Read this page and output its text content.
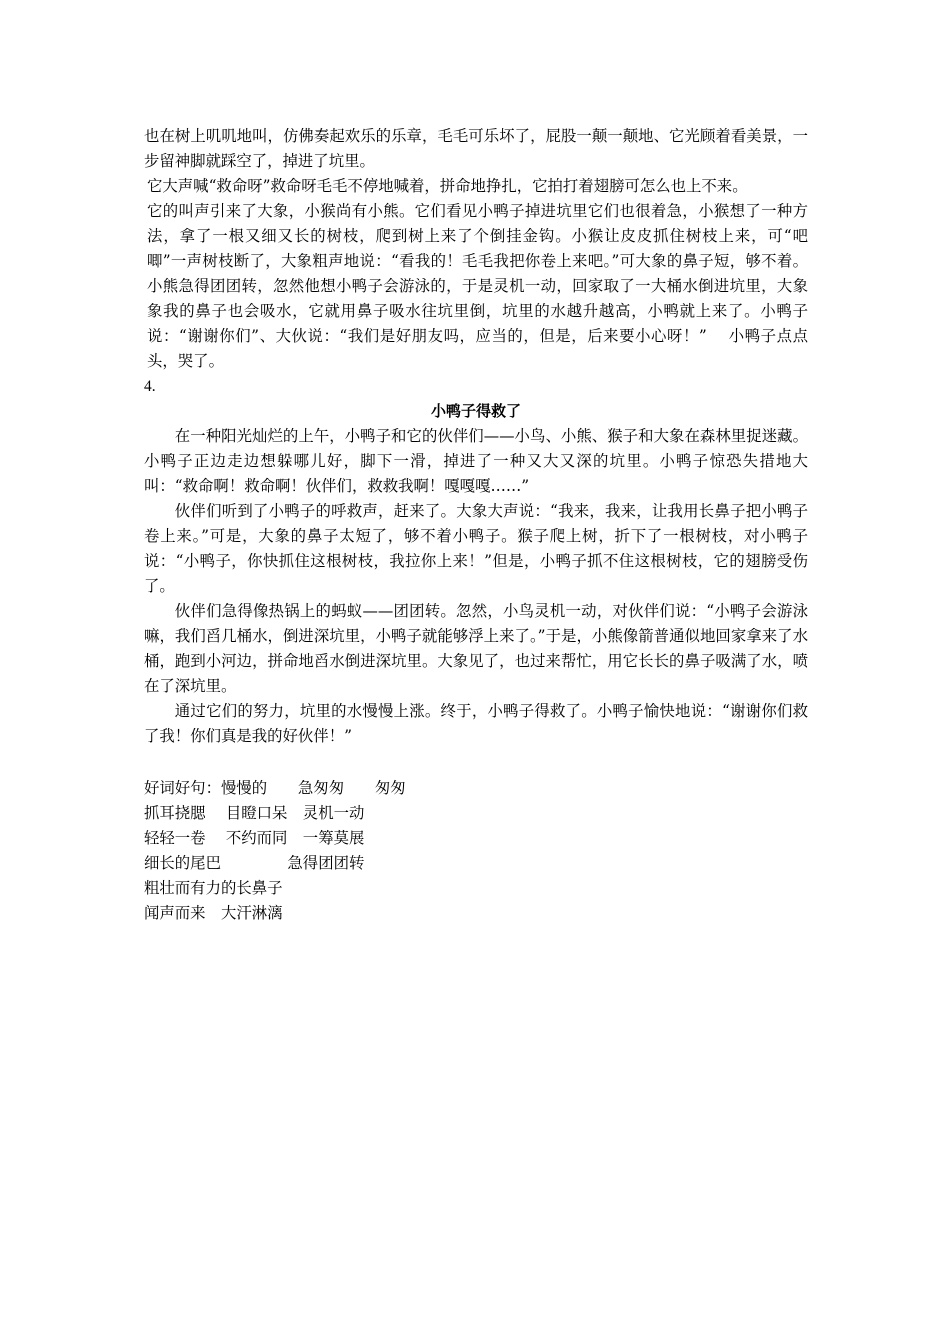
也在树上叽叽地叫，仿佛奏起欢乐的乐章，毛毛可乐坏了，屁股一颠一颠地、它光顾着看美景，一步留神脚就踩空了，掉进了坑里。

它大声喊“救命呀”救命呀毛毛不停地喊着，拼命地挣扎，它拍打着翅膀可怎么也上不来。

它的叫声引来了大象，小猴尚有小熊。它们看见小鸭子掉进坑里它们也很着急，小猴想了一种方法，拿了一根又细又长的树枝，爬到树上来了个倒挂金钩。小猴让皮皮抓住树枝上来，可“吧唧”一声树枝断了，大象粗声地说：“看我的！毛毛我把你卷上来吧。”可大象的鼻子短，够不着。小熊急得团团转，忽然他想小鸭子会游泳的，于是灵机一动，回家取了一大桶水倒进坑里，大象象我的鼻子也会吸水，它就用鼻子吸水往坑里倒，坑里的水越升越高，小鸭就上来了。小鸭子说：“谢谢你们”、大伙说：“我们是好朋友吗，应当的，但是，后来要小心呀！”　 小鸭子点点头，哭了。

4.

小鸭子得救了

在一种阳光灿烂的上午，小鸭子和它的伙伴们——小鸟、小熊、猴子和大象在森林里捉迷藏。小鸭子正边走边想躲哪儿好，脚下一滑，掉进了一种又大又深的坑里。小鸭子惊恐失措地大叫：“救命啊！救命啊！伙伴们，救救我啊！嘎嘎嘎……”

伙伴们听到了小鸭子的呼救声，赶来了。大象大声说：“我来，我来，让我用长鼻子把小鸭子卷上来。”可是，大象的鼻子太短了，够不着小鸭子。猴子爬上树，折下了一根树枝，对小鸭子说：“小鸭子，你快抓住这根树枝，我拉你上来！”但是，小鸭子抓不住这根树枝，它的翅膀受伤了。

伙伴们急得像热锅上的蚂蚁——团团转。忽然，小鸟灵机一动，对伙伴们说：“小鸭子会游泳嘛，我们舀几桶水，倒进深坑里，小鸭子就能够浮上来了。”于是，小熊像箭普通似地回家拿来了水桶，跑到小河边，拼命地舀水倒进深坑里。大象见了，也过来帮忙，用它长长的鼻子吸满了水，喷在了深坑里。

通过它们的努力，坑里的水慢慢上涨。终于，小鸭子得救了。小鸭子愉快地说：“谢谢你们救了我！你们真是我的好伙伴！”

好词好句：慢慢的　　急匆匆　　匆匆

抓耳挠腮　 目瞪口呆　灵机一动

轻轻一卷　 不约而同　一筹莫展

细长的尾巴　　　　 急得团团转

粗壮而有力的长鼻子

闻声而来　大汗淋漓
